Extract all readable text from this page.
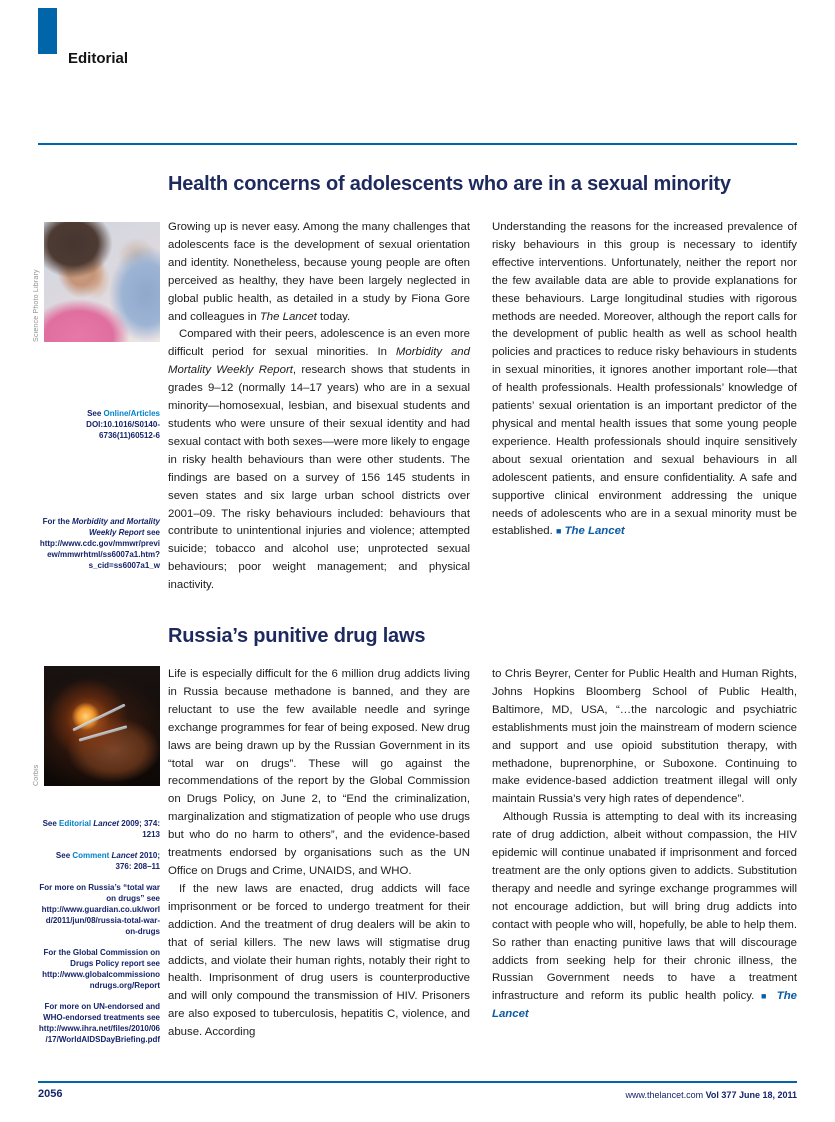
Editorial
Health concerns of adolescents who are in a sexual minority
Science Photo Library

See Online/Articles DOI:10.1016/S0140-6736(11)60512-6

For the Morbidity and Mortality Weekly Report see http://www.cdc.gov/mmwr/preview/mmwrhtml/ss6007a1.htm?s_cid=ss6007a1_w

Growing up is never easy. Among the many challenges that adolescents face is the development of sexual orientation and identity. Nonetheless, because young people are often perceived as healthy, they have been largely neglected in global public health, as detailed in a study by Fiona Gore and colleagues in The Lancet today.

Compared with their peers, adolescence is an even more difficult period for sexual minorities. In Morbidity and Mortality Weekly Report, research shows that students in grades 9–12 (normally 14–17 years) who are in a sexual minority—homosexual, lesbian, and bisexual students and students who were unsure of their sexual identity and had sexual contact with both sexes—were more likely to engage in risky health behaviours than were other students. The findings are based on a survey of 156 145 students in seven states and six large urban school districts over 2001–09. The risky behaviours included: behaviours that contribute to unintentional injuries and violence; attempted suicide; tobacco and alcohol use; unprotected sexual behaviours; poor weight management; and physical inactivity.

Understanding the reasons for the increased prevalence of risky behaviours in this group is necessary to identify effective interventions. Unfortunately, neither the report nor the few available data are able to provide explanations for these behaviours. Large longitudinal studies with rigorous methods are needed. Moreover, although the report calls for the development of public health as well as school health policies and practices to reduce risky behaviours in students in sexual minorities, it ignores another important role—that of health professionals. Health professionals’ knowledge of patients’ sexual orientation is an important predictor of the physical and mental health issues that some young people experience. Health professionals should inquire sensitively about sexual orientation and sexual behaviours in all adolescent patients, and ensure confidentiality. A safe and supportive clinical environment addressing the unique needs of adolescents who are in a sexual minority must be established. ■ The Lancet

Russia’s punitive drug laws
Corbis

See Editorial Lancet 2009; 374: 1213

See Comment Lancet 2010; 376: 208–11

For more on Russia’s “total war on drugs” see http://www.guardian.co.uk/world/2011/jun/08/russia-total-war-on-drugs

For the Global Commission on Drugs Policy report see http://www.globalcommissionondrugs.org/Report

For more on UN-endorsed and WHO-endorsed treatments see http://www.ihra.net/files/2010/06/17/WorldAIDSDayBriefing.pdf

Life is especially difficult for the 6 million drug addicts living in Russia because methadone is banned, and they are reluctant to use the few available needle and syringe exchange programmes for fear of being exposed. New drug laws are being drawn up by the Russian Government in its “total war on drugs”. These will go against the recommendations of the report by the Global Commission on Drugs Policy, on June 2, to “End the criminalization, marginalization and stigmatization of people who use drugs but who do no harm to others”, and the evidence-based treatments endorsed by organisations such as the UN Office on Drugs and Crime, UNAIDS, and WHO.

If the new laws are enacted, drug addicts will face imprisonment or be forced to undergo treatment for their addiction. And the treatment of drug dealers will be akin to that of serial killers. The new laws will stigmatise drug addicts, and violate their human rights, notably their right to health. Imprisonment of drug users is counterproductive and will only compound the transmission of HIV. Prisoners are also exposed to tuberculosis, hepatitis C, violence, and abuse. According

to Chris Beyrer, Center for Public Health and Human Rights, Johns Hopkins Bloomberg School of Public Health, Baltimore, MD, USA, “…the narcologic and psychiatric establishments must join the mainstream of modern science and support and use opioid substitution therapy, with methadone, buprenorphine, or Suboxone. Continuing to make evidence-based addiction treatment illegal will only maintain Russia’s very high rates of dependence”.

Although Russia is attempting to deal with its increasing rate of drug addiction, albeit without compassion, the HIV epidemic will continue unabated if imprisonment and forced treatment are the only options given to addicts. Substitution therapy and needle and syringe exchange programmes will not encourage addiction, but will bring drug addicts into contact with people who will, hopefully, be able to help them. So rather than enacting punitive laws that will discourage addicts from seeking help for their chronic illness, the Russian Government needs to have a treatment infrastructure and reform its public health policy. ■ The Lancet

2056	www.thelancet.com Vol 377 June 18, 2011
